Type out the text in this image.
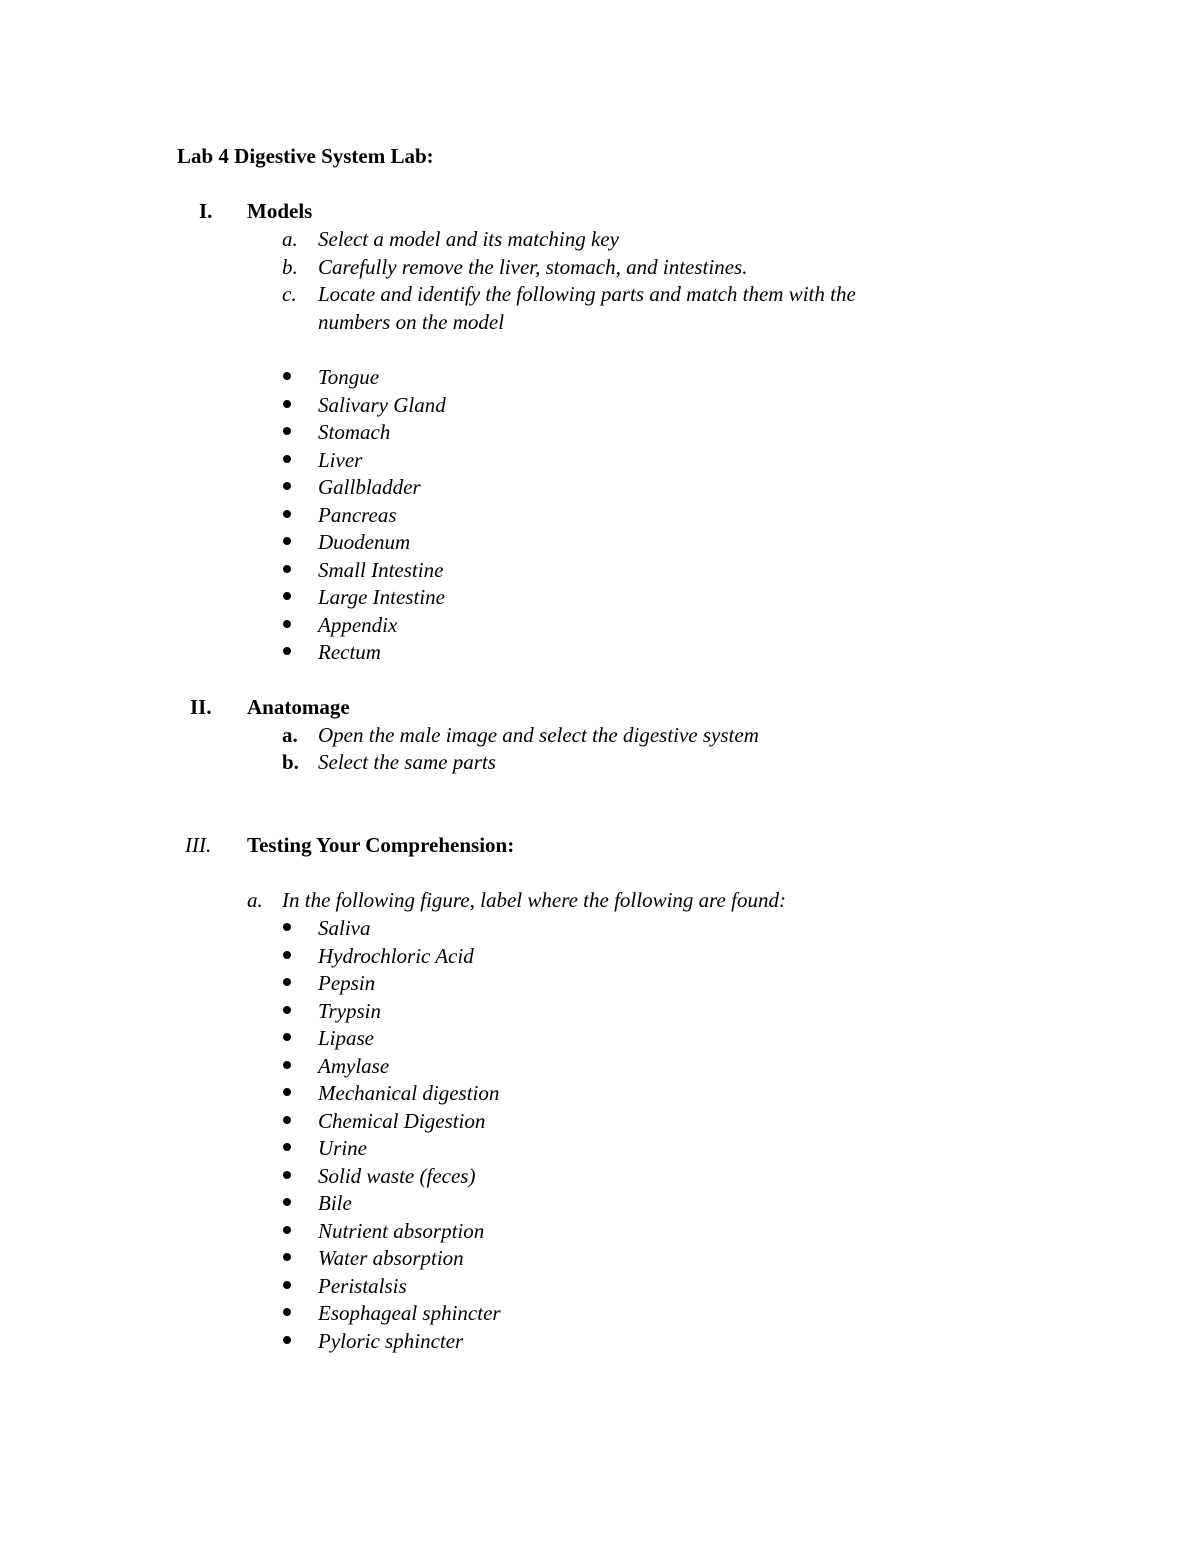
Lab 4 Digestive System Lab:
I. Models
a. Select a model and its matching key
b. Carefully remove the liver, stomach, and intestines.
c. Locate and identify the following parts and match them with the
numbers on the model
Tongue
Salivary Gland
Stomach
Liver
Gallbladder
Pancreas
Duodenum
Small Intestine
Large Intestine
Appendix
Rectum
II. Anatomage
a. Open the male image and select the digestive system
b. Select the same parts
III. Testing Your Comprehension:
a. In the following figure, label where the following are found:
Saliva
Hydrochloric Acid
Pepsin
Trypsin
Lipase
Amylase
Mechanical digestion
Chemical Digestion
Urine
Solid waste (feces)
Bile
Nutrient absorption
Water absorption
Peristalsis
Esophageal sphincter
Pyloric sphincter
